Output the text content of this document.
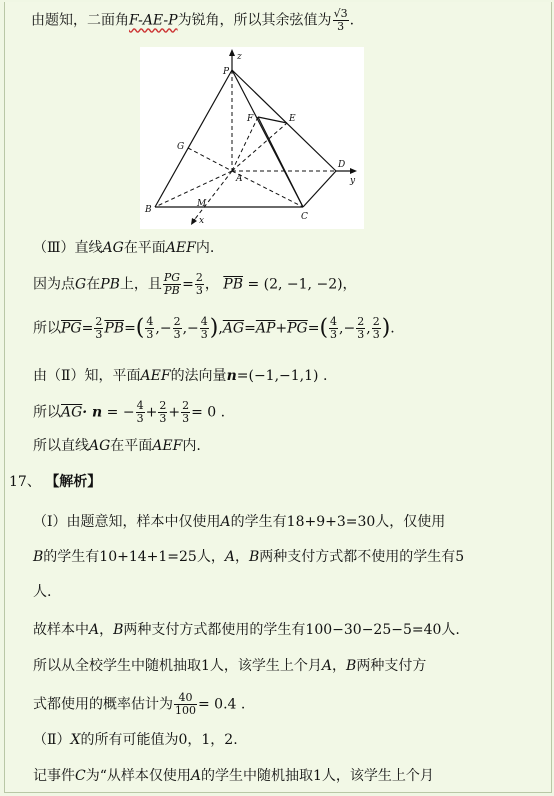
由题知，二面角F-AE-P为锐角，所以其余弦值为 $\frac{√3}{3}$ .
P
z
F	E
G
A
D
y
B
M
x	C
（Ⅲ）直线AG在平面AEF内.
因为点G在PB上，且 $\frac{PG}{PB} = \frac{2}{3}$ ， $\overline{PB} = (2$, −1, −2)，
所以$\overline{PG}= \frac{2}{3} \overline{PB}=( \frac{4}{3}$ ,− $\frac{2}{3}$ ,− $\frac{4}{3} ),\overline{AG}=\overline{AP}+\overline{PG}=( \frac{4}{3}$ ,− $\frac{2}{3}$ , $\frac{2}{3}$ ).
由（Ⅱ）知，平面AEF的法向量n=(−1,−1,1) .
所以$\overline{AG}\cdot n$ = − $\frac{4}{3} + \frac{2}{3} + \frac{2}{3} = 0$ .
所以直线AG在平面AEF内.
17、 【解析】
（Ⅰ）由题意知，样本中仅使用A的学生有18+9+3=30人，仅使用
B的学生有10+14+1=25人，A，B两种支付方式都不使用的学生有5
人.
故样本中A，B两种支付方式都使用的学生有100−30−25−5=40人.
所以从全校学生中随机抽取1人，该学生上个月A，B两种支付方
式都使用的概率估计为 $\frac{40}{100} = 0.4$ .
（Ⅱ）X的所有可能值为0，1，2.
记事件C为“从样本仅使用A的学生中随机抽取1人，该学生上个月
